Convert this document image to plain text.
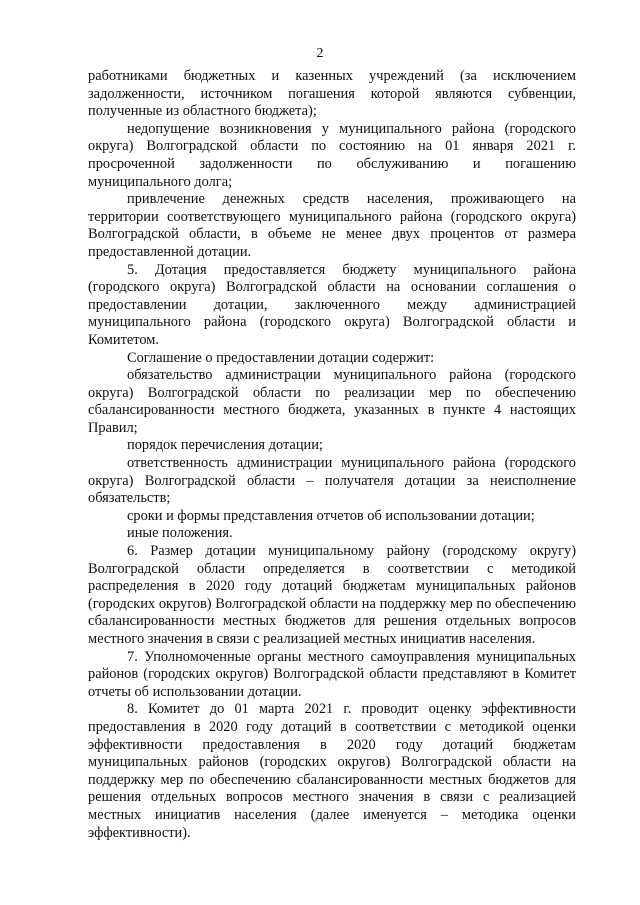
2

работниками бюджетных и казенных учреждений (за исключением задолженности, источником погашения которой являются субвенции, полученные из областного бюджета);

недопущение возникновения у муниципального района (городского округа) Волгоградской области по состоянию на 01 января 2021 г. просроченной задолженности по обслуживанию и погашению муниципального долга;

привлечение денежных средств населения, проживающего на территории соответствующего муниципального района (городского округа) Волгоградской области, в объеме не менее двух процентов от размера предоставленной дотации.

5. Дотация предоставляется бюджету муниципального района (городского округа) Волгоградской области на основании соглашения о предоставлении дотации, заключенного между администрацией муниципального района (городского округа) Волгоградской области и Комитетом.

Соглашение о предоставлении дотации содержит:

обязательство администрации муниципального района (городского округа) Волгоградской области по реализации мер по обеспечению сбалансированности местного бюджета, указанных в пункте 4 настоящих Правил;

порядок перечисления дотации;

ответственность администрации муниципального района (городского округа) Волгоградской области – получателя дотации за неисполнение обязательств;

сроки и формы представления отчетов об использовании дотации;

иные положения.

6. Размер дотации муниципальному району (городскому округу) Волгоградской области определяется в соответствии с методикой распределения в 2020 году дотаций бюджетам муниципальных районов (городских округов) Волгоградской области на поддержку мер по обеспечению сбалансированности местных бюджетов для решения отдельных вопросов местного значения в связи с реализацией местных инициатив населения.

7. Уполномоченные органы местного самоуправления муниципальных районов (городских округов) Волгоградской области представляют в Комитет отчеты об использовании дотации.

8. Комитет до 01 марта 2021 г. проводит оценку эффективности предоставления в 2020 году дотаций в соответствии с методикой оценки эффективности предоставления в 2020 году дотаций бюджетам муниципальных районов (городских округов) Волгоградской области на поддержку мер по обеспечению сбалансированности местных бюджетов для решения отдельных вопросов местного значения в связи с реализацией местных инициатив населения (далее именуется – методика оценки эффективности).
